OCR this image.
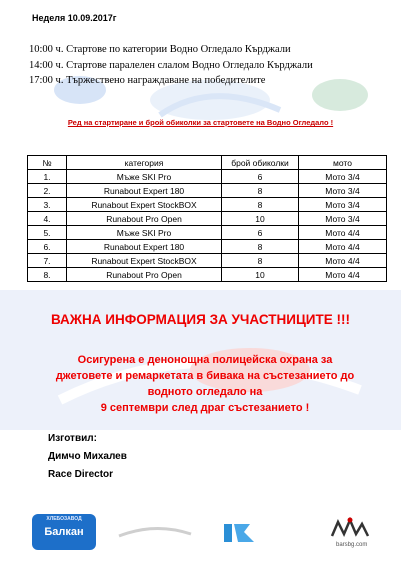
Неделя 10.09.2017г
10:00 ч. Стартове по категории Водно Огледало Кърджали
14:00 ч. Стартове паралелен слалом Водно Огледало Кърджали
17:00 ч. Тържествено награждаване на победителите
Ред на стартиране и брой обиколки за стартовете на Водно Огледало !
№	категория	брой обиколки	мото
1.	Мъже SKI Pro	6	Мото 3/4
2.	Runabout Expert 180	8	Мото 3/4
3.	Runabout Expert StockBOX	8	Мото 3/4
4.	Runabout Pro Open	10	Мото 3/4
5.	Мъже SKI Pro	6	Мото 4/4
6.	Runabout Expert 180	8	Мото 4/4
7.	Runabout Expert StockBOX	8	Мото 4/4
8.	Runabout Pro Open	10	Мото 4/4
ВАЖНА ИНФОРМАЦИЯ ЗА УЧАСТНИЦИТЕ !!!
Осигурена е денонощна полицейска охрана за
джетовете и ремаркетата в бивака на състезанието до
водното огледало на
9 септември след драг състезанието !
Изготвил:
Димчо Михалев
Race Director
ХЛЕБОЗАВОД
Балкан
barsbg.com
